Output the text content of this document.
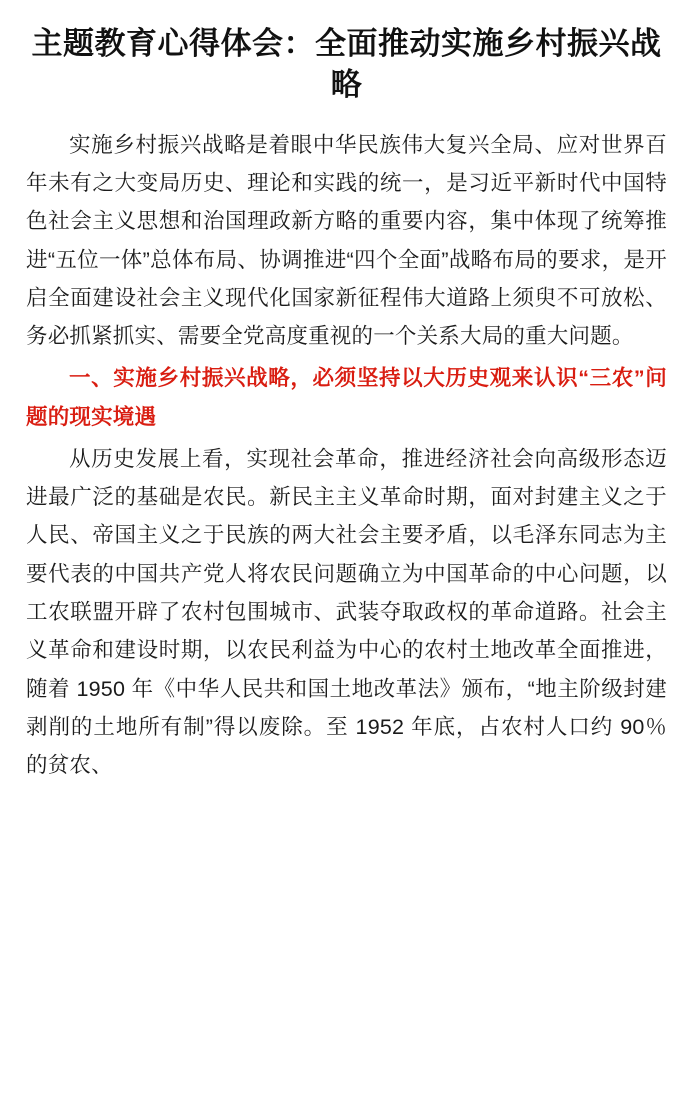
主题教育心得体会：全面推动实施乡村振兴战略

实施乡村振兴战略是着眼中华民族伟大复兴全局、应对世界百年未有之大变局历史、理论和实践的统一，是习近平新时代中国特色社会主义思想和治国理政新方略的重要内容，集中体现了统筹推进“五位一体”总体布局、协调推进“四个全面”战略布局的要求，是开启全面建设社会主义现代化国家新征程伟大道路上须臾不可放松、务必抓紧抓实、需要全党高度重视的一个关系大局的重大问题。

一、实施乡村振兴战略，必须坚持以大历史观来认识“三农”问题的现实境遇

从历史发展上看，实现社会革命，推进经济社会向高级形态迈进最广泛的基础是农民。新民主主义革命时期，面对封建主义之于人民、帝国主义之于民族的两大社会主要矛盾，以毛泽东同志为主要代表的中国共产党人将农民问题确立为中国革命的中心问题，以工农联盟开辟了农村包围城市、武装夺取政权的革命道路。社会主义革命和建设时期，以农民利益为中心的农村土地改革全面推进，随着 1950 年《中华人民共和国土地改革法》颁布，“地主阶级封建剥削的土地所有制”得以废除。至 1952 年底，占农村人口约 90％的贫农、
